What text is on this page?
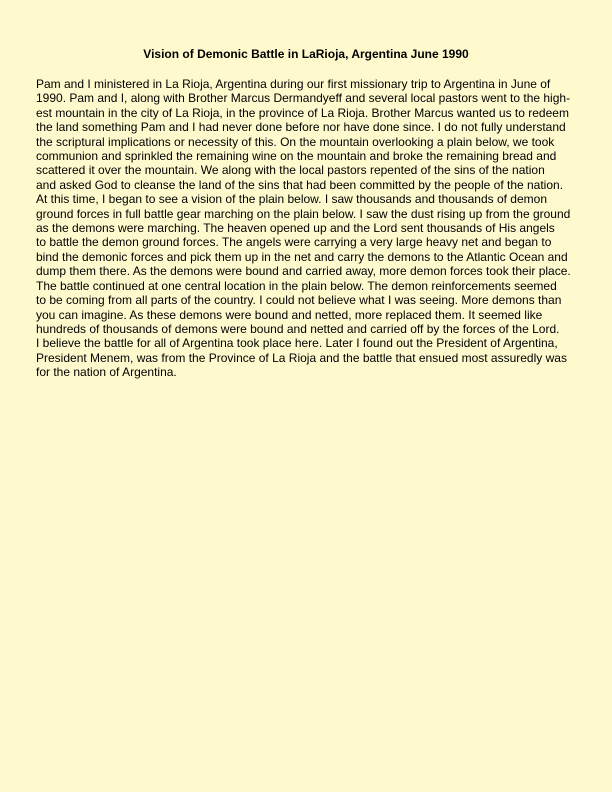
Vision of Demonic Battle in LaRioja, Argentina June 1990

Pam and I ministered in La Rioja, Argentina during our first missionary trip to Argentina in June of
1990. Pam and I, along with Brother Marcus Dermandyeff and several local pastors went to the high-
est mountain in the city of La Rioja, in the province of La Rioja. Brother Marcus wanted us to redeem
the land something Pam and I had never done before nor have done since. I do not fully understand
the scriptural implications or necessity of this. On the mountain overlooking a plain below, we took
communion and sprinkled the remaining wine on the mountain and broke the remaining bread and
scattered it over the mountain. We along with the local pastors repented of the sins of the nation
and asked God to cleanse the land of the sins that had been committed by the people of the nation.
At this time, I began to see a vision of the plain below. I saw thousands and thousands of demon
ground forces in full battle gear marching on the plain below. I saw the dust rising up from the ground
as the demons were marching. The heaven opened up and the Lord sent thousands of His angels
to battle the demon ground forces. The angels were carrying a very large heavy net and began to
bind the demonic forces and pick them up in the net and carry the demons to the Atlantic Ocean and
dump them there. As the demons were bound and carried away, more demon forces took their place.
The battle continued at one central location in the plain below. The demon reinforcements seemed
to be coming from all parts of the country. I could not believe what I was seeing. More demons than
you can imagine. As these demons were bound and netted, more replaced them. It seemed like
hundreds of thousands of demons were bound and netted and carried off by the forces of the Lord.
I believe the battle for all of Argentina took place here. Later I found out the President of Argentina,
President Menem, was from the Province of La Rioja and the battle that ensued most assuredly was
for the nation of Argentina.
